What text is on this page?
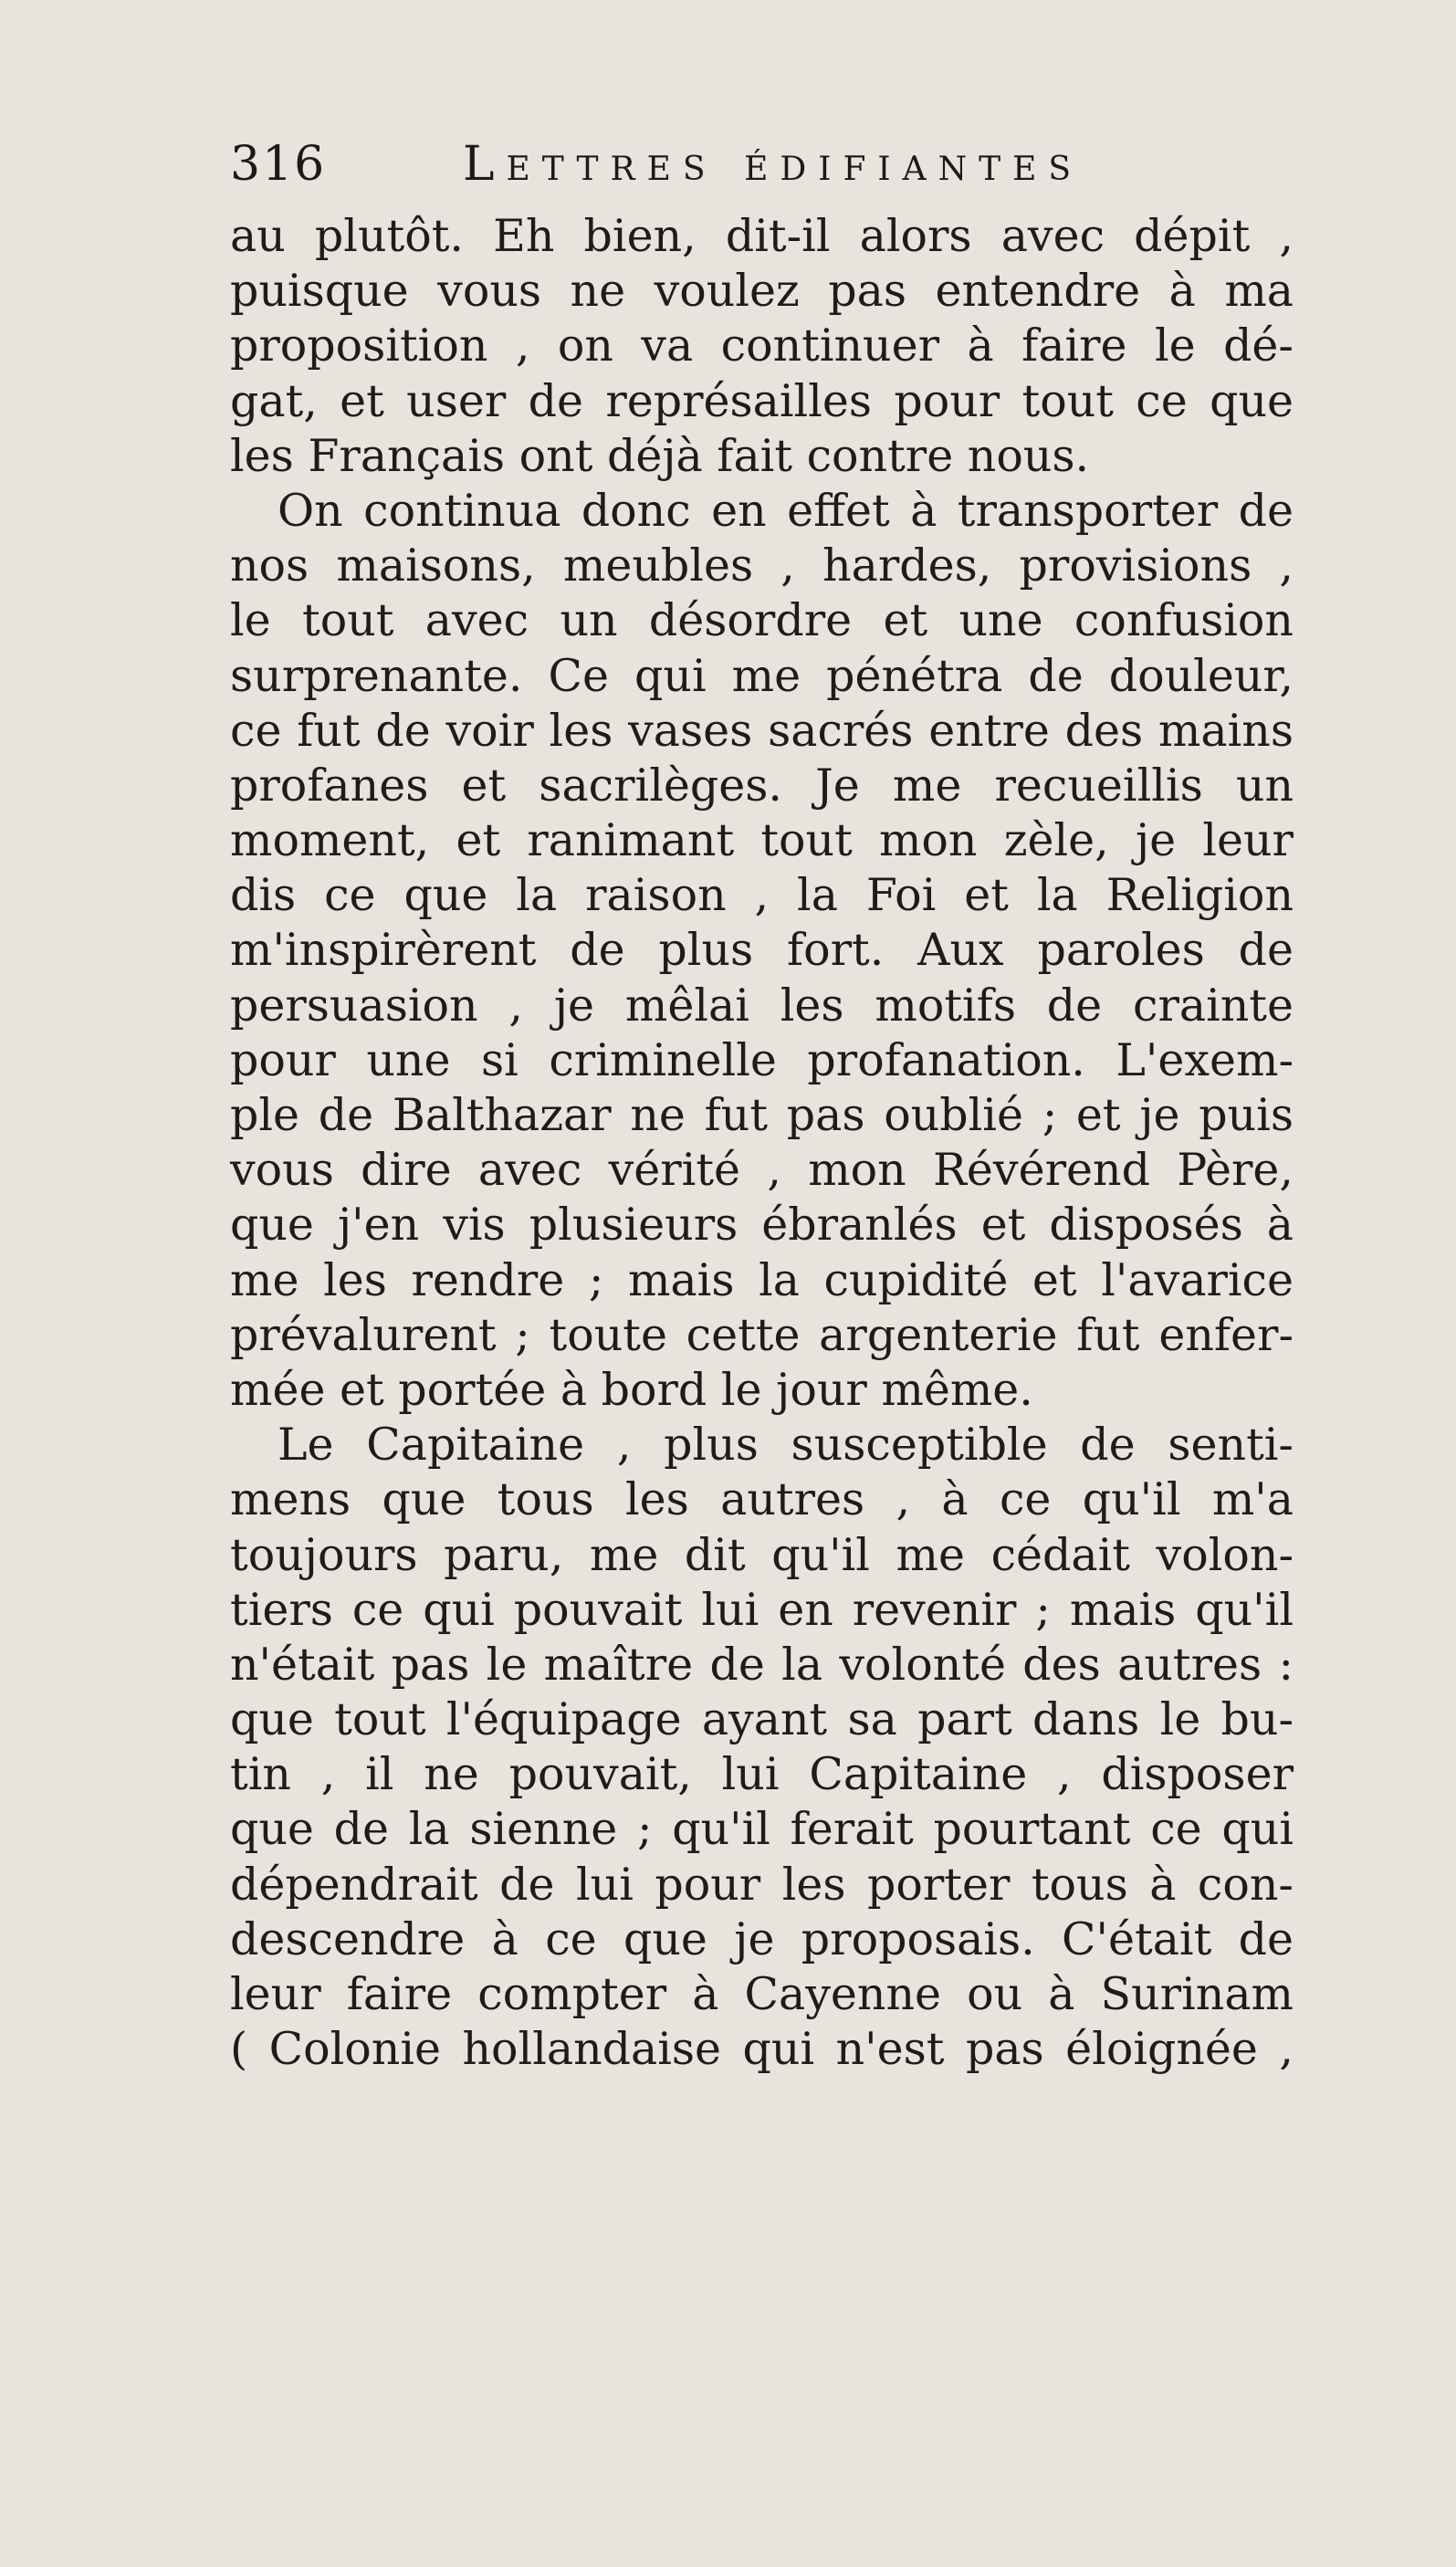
316	Lettres édifiantes
au plutôt. Eh bien, dit-il alors avec dépit ,
puisque vous ne voulez pas entendre à ma
proposition , on va continuer à faire le dé-
gat, et user de représailles pour tout ce que
les Français ont déjà fait contre nous.
On continua donc en effet à transporter de
nos maisons, meubles , hardes, provisions ,
le tout avec un désordre et une confusion
surprenante. Ce qui me pénétra de douleur,
ce fut de voir les vases sacrés entre des mains
profanes et sacrilèges. Je me recueillis un
moment, et ranimant tout mon zèle, je leur
dis ce que la raison , la Foi et la Religion
m'inspirèrent de plus fort. Aux paroles de
persuasion , je mêlai les motifs de crainte
pour une si criminelle profanation. L'exem-
ple de Balthazar ne fut pas oublié ; et je puis
vous dire avec vérité , mon Révérend Père,
que j'en vis plusieurs ébranlés et disposés à
me les rendre ; mais la cupidité et l'avarice
prévalurent ; toute cette argenterie fut enfer-
mée et portée à bord le jour même.
Le Capitaine , plus susceptible de senti-
mens que tous les autres , à ce qu'il m'a
toujours paru, me dit qu'il me cédait volon-
tiers ce qui pouvait lui en revenir ; mais qu'il
n'était pas le maître de la volonté des autres :
que tout l'équipage ayant sa part dans le bu-
tin , il ne pouvait, lui Capitaine , disposer
que de la sienne ; qu'il ferait pourtant ce qui
dépendrait de lui pour les porter tous à con-
descendre à ce que je proposais. C'était de
leur faire compter à Cayenne ou à Surinam
( Colonie hollandaise qui n'est pas éloignée ,
